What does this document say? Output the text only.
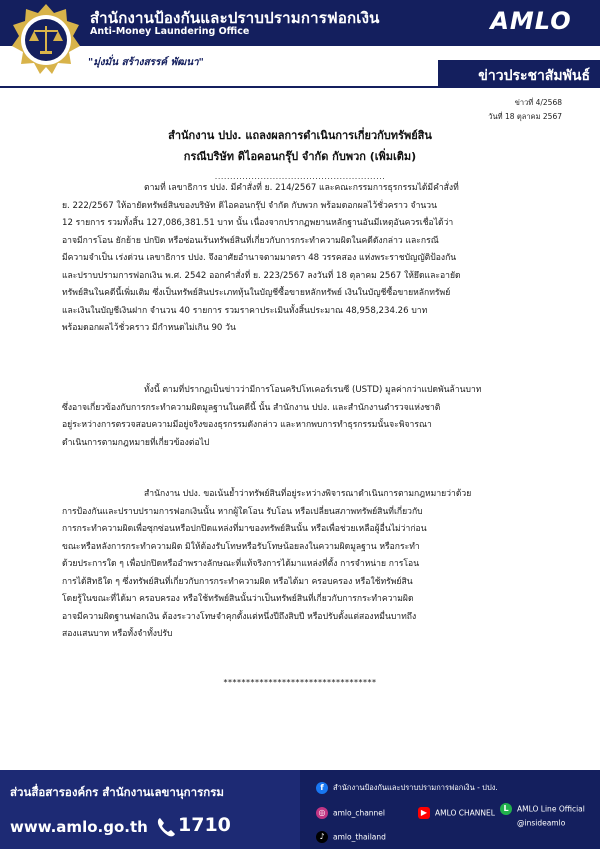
สำนักงานป้องกันและปราบปรามการฟอกเงิน
Anti-Money Laundering Office	AMLO
"มุ่งมั่น สร้างสรรค์ พัฒนา"
ข่าวประชาสัมพันธ์
ข่าวที่ 4/2568
วันที่ 18 ตุลาคม 2567
สำนักงาน ปปง. แถลงผลการดำเนินการเกี่ยวกับทรัพย์สิน
กรณีบริษัท ดิไอคอนกรุ๊ป จำกัด กับพวก (เพิ่มเติม)
........................................................
ตามที่ เลขาธิการ ปปง. มีคำสั่งที่ ย. 214/2567 และคณะกรรมการธุรกรรมได้มีคำสั่งที่
ย. 222/2567 ให้อายัดทรัพย์สินของบริษัท ดิไอคอนกรุ๊ป จำกัด กับพวก พร้อมดอกผลไว้ชั่วคราว จำนวน
12 รายการ รวมทั้งสิ้น 127,086,381.51 บาท นั้น เนื่องจากปรากฏพยานหลักฐานอันมีเหตุอันควรเชื่อได้ว่า
อาจมีการโอน ยักย้าย ปกปิด หรือซ่อนเร้นทรัพย์สินที่เกี่ยวกับการกระทำความผิดในคดีดังกล่าว และกรณี
มีความจำเป็น เร่งด่วน เลขาธิการ ปปง. จึงอาศัยอำนาจตามมาตรา 48 วรรคสอง แห่งพระราชบัญญัติป้องกัน
และปราบปรามการฟอกเงิน พ.ศ. 2542 ออกคำสั่งที่ ย. 223/2567 ลงวันที่ 18 ตุลาคม 2567 ให้ยึดและอายัด
ทรัพย์สินในคดีนี้เพิ่มเติม ซึ่งเป็นทรัพย์สินประเภทหุ้นในบัญชีซื้อขายหลักทรัพย์ เงินในบัญชีซื้อขายหลักทรัพย์
และเงินในบัญชีเงินฝาก จำนวน 40 รายการ รวมราคาประเมินทั้งสิ้นประมาณ 48,958,234.26 บาท
พร้อมดอกผลไว้ชั่วคราว มีกำหนดไม่เกิน 90 วัน
ทั้งนี้ ตามที่ปรากฏเป็นข่าวว่ามีการโอนคริปโทเคอร์เรนซี (USTD) มูลค่ากว่าแปดพันล้านบาท
ซึ่งอาจเกี่ยวข้องกับการกระทำความผิดมูลฐานในคดีนี้ นั้น สำนักงาน ปปง. และสำนักงานตำรวจแห่งชาติ
อยู่ระหว่างการตรวจสอบความมีอยู่จริงของธุรกรรมดังกล่าว และหากพบการทำธุรกรรมนั้นจะพิจารณา
ดำเนินการตามกฎหมายที่เกี่ยวข้องต่อไป
สำนักงาน ปปง. ขอเน้นย้ำว่าทรัพย์สินที่อยู่ระหว่างพิจารณาดำเนินการตามกฎหมายว่าด้วย
การป้องกันและปราบปรามการฟอกเงินนั้น หากผู้ใดโอน รับโอน หรือเปลี่ยนสภาพทรัพย์สินที่เกี่ยวกับ
การกระทำความผิดเพื่อซุกซ่อนหรือปกปิดแหล่งที่มาของทรัพย์สินนั้น หรือเพื่อช่วยเหลือผู้อื่นไม่ว่าก่อน
ขณะหรือหลังการกระทำความผิด มิให้ต้องรับโทษหรือรับโทษน้อยลงในความผิดมูลฐาน หรือกระทำ
ด้วยประการใด ๆ เพื่อปกปิดหรืออำพรางลักษณะที่แท้จริงการได้มาแหล่งที่ตั้ง การจำหน่าย การโอน
การได้สิทธิใด ๆ ซึ่งทรัพย์สินที่เกี่ยวกับการกระทำความผิด หรือได้มา ครอบครอง หรือใช้ทรัพย์สิน
โดยรู้ในขณะที่ได้มา ครอบครอง หรือใช้ทรัพย์สินนั้นว่าเป็นทรัพย์สินที่เกี่ยวกับการกระทำความผิด
อาจมีความผิดฐานฟอกเงิน ต้องระวางโทษจำคุกตั้งแต่หนึ่งปีถึงสิบปี หรือปรับตั้งแต่สองหมื่นบาทถึง
สองแสนบาท หรือทั้งจำทั้งปรับ
**********************************
ส่วนสื่อสารองค์กร สำนักงานเลขานุการกรม
www.amlo.go.th 1710
f สำนักงานป้องกันและปราบปรามการฟอกเงิน - ปปง.
◎ amlo_channel	▶ AMLO CHANNEL	L AMLO Line Official
@insideamlo
♪ amlo_thailand
